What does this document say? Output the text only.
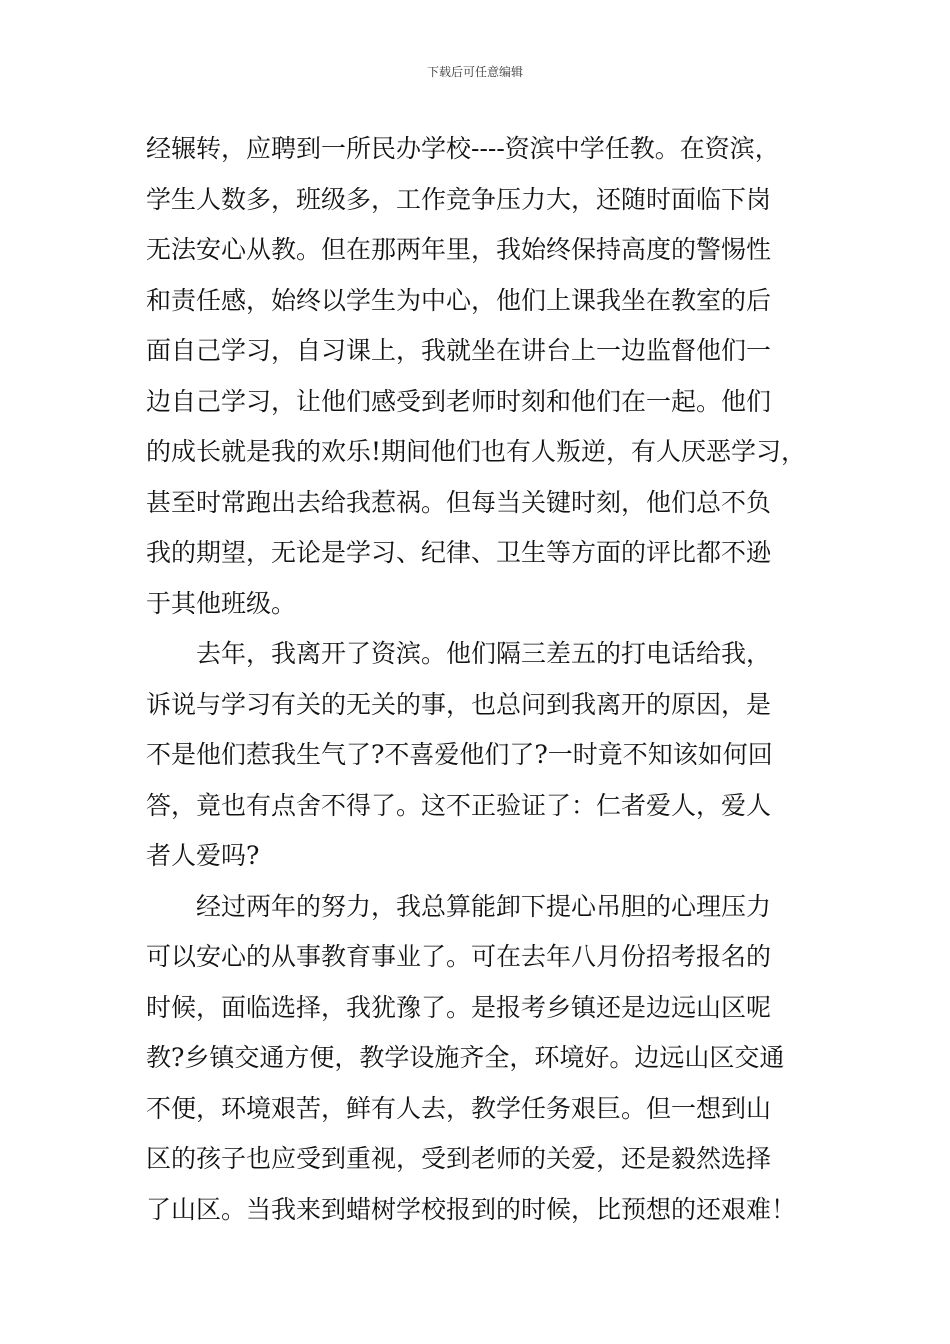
下载后可任意编辑
经辗转，应聘到一所民办学校----资滨中学任教。在资滨，
学生人数多，班级多，工作竞争压力大，还随时面临下岗
无法安心从教。但在那两年里，我始终保持高度的警惕性
和责任感，始终以学生为中心，他们上课我坐在教室的后
面自己学习，自习课上，我就坐在讲台上一边监督他们一
边自己学习，让他们感受到老师时刻和他们在一起。他们
的成长就是我的欢乐!期间他们也有人叛逆，有人厌恶学习，
甚至时常跑出去给我惹祸。但每当关键时刻，他们总不负
我的期望，无论是学习、纪律、卫生等方面的评比都不逊
于其他班级。
去年，我离开了资滨。他们隔三差五的打电话给我，
诉说与学习有关的无关的事，也总问到我离开的原因，是
不是他们惹我生气了?不喜爱他们了?一时竟不知该如何回
答，竟也有点舍不得了。这不正验证了：仁者爱人，爱人
者人爱吗?
经过两年的努力，我总算能卸下提心吊胆的心理压力
可以安心的从事教育事业了。可在去年八月份招考报名的
时候，面临选择，我犹豫了。是报考乡镇还是边远山区呢
教?乡镇交通方便，教学设施齐全，环境好。边远山区交通
不便，环境艰苦，鲜有人去，教学任务艰巨。但一想到山
区的孩子也应受到重视，受到老师的关爱，还是毅然选择
了山区。当我来到蜡树学校报到的时候，比预想的还艰难！
